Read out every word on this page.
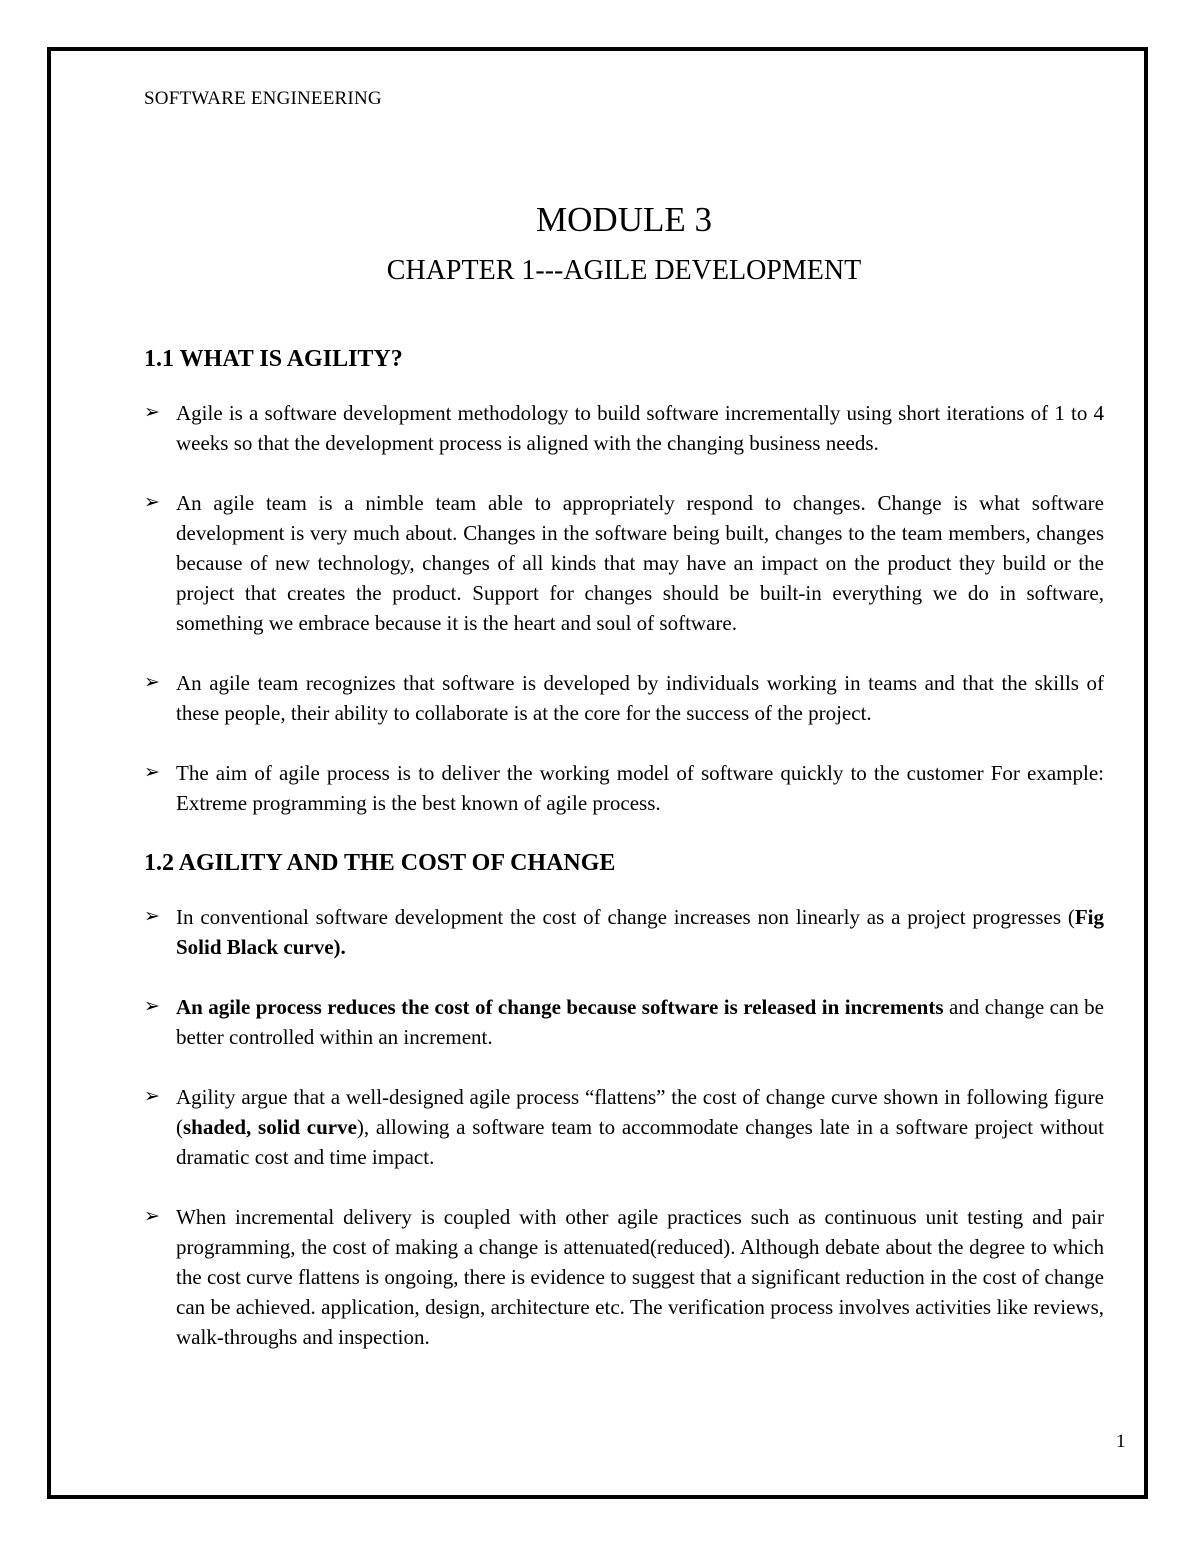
SOFTWARE ENGINEERING
MODULE 3
CHAPTER 1---AGILE DEVELOPMENT
1.1 WHAT IS AGILITY?
➢ Agile is a software development methodology to build software incrementally using short iterations of 1 to 4 weeks so that the development process is aligned with the changing business needs.
➢ An agile team is a nimble team able to appropriately respond to changes. Change is what software development is very much about. Changes in the software being built, changes to the team members, changes because of new technology, changes of all kinds that may have an impact on the product they build or the project that creates the product. Support for changes should be built-in everything we do in software, something we embrace because it is the heart and soul of software.
➢ An agile team recognizes that software is developed by individuals working in teams and that the skills of these people, their ability to collaborate is at the core for the success of the project.
➢ The aim of agile process is to deliver the working model of software quickly to the customer For example: Extreme programming is the best known of agile process.
1.2 AGILITY AND THE COST OF CHANGE
➢ In conventional software development the cost of change increases non linearly as a project progresses (Fig Solid Black curve).
➢ An agile process reduces the cost of change because software is released in increments and change can be better controlled within an increment.
➢ Agility argue that a well-designed agile process “flattens” the cost of change curve shown in following figure (shaded, solid curve), allowing a software team to accommodate changes late in a software project without dramatic cost and time impact.
➢ When incremental delivery is coupled with other agile practices such as continuous unit testing and pair programming, the cost of making a change is attenuated(reduced). Although debate about the degree to which the cost curve flattens is ongoing, there is evidence to suggest that a significant reduction in the cost of change can be achieved. application, design, architecture etc. The verification process involves activities like reviews, walk-throughs and inspection.
1
